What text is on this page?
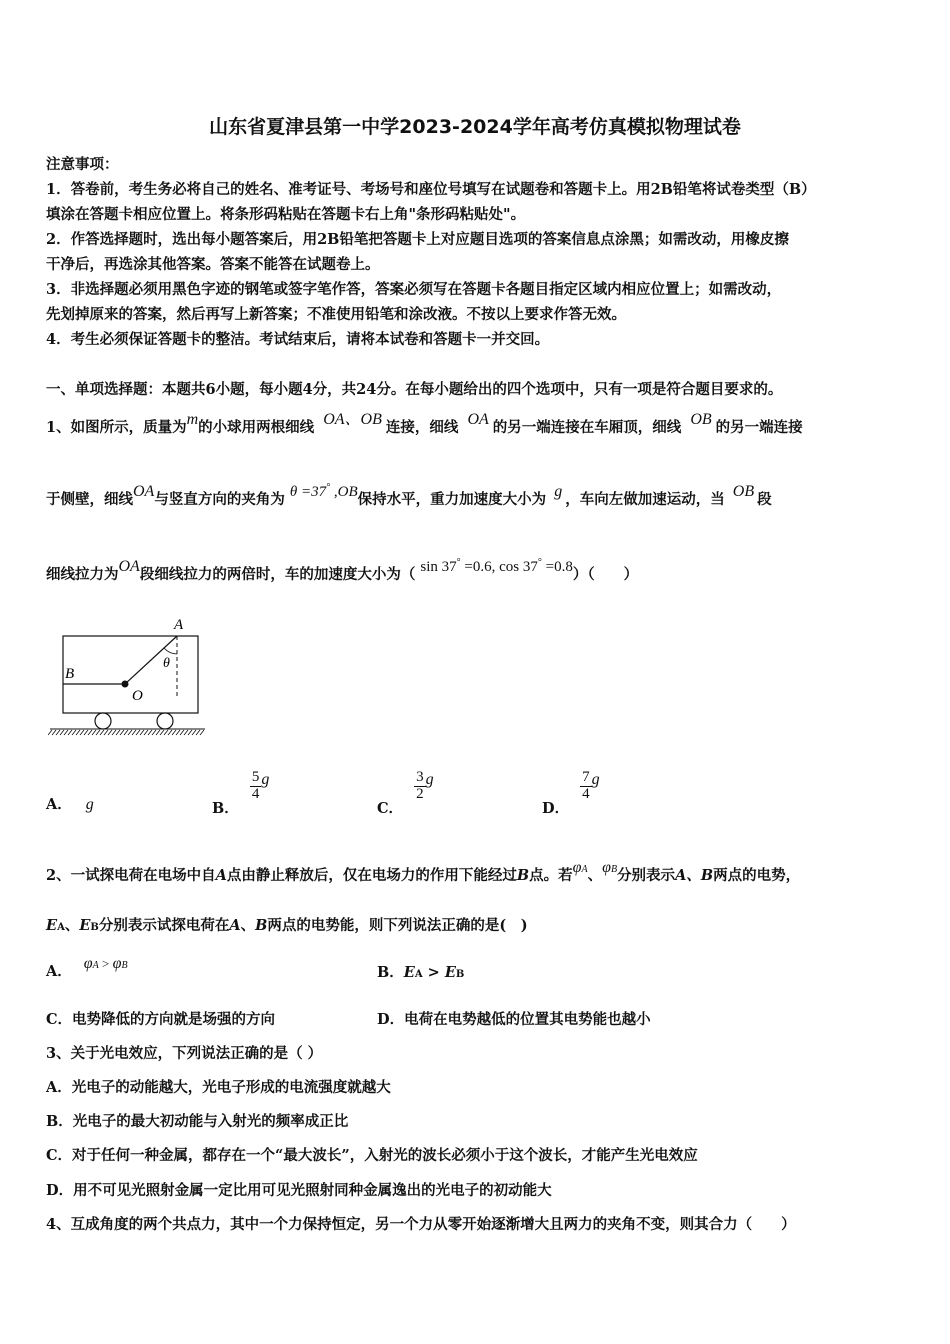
山东省夏津县第一中学2023-2024学年高考仿真模拟物理试卷
注意事项：
1．答卷前，考生务必将自己的姓名、准考证号、考场号和座位号填写在试题卷和答题卡上。用2B铅笔将试卷类型（B）
填涂在答题卡相应位置上。将条形码粘贴在答题卡右上角"条形码粘贴处"。
2．作答选择题时，选出每小题答案后，用2B铅笔把答题卡上对应题目选项的答案信息点涂黑；如需改动，用橡皮擦
干净后，再选涂其他答案。答案不能答在试题卷上。
3．非选择题必须用黑色字迹的钢笔或签字笔作答，答案必须写在答题卡各题目指定区域内相应位置上；如需改动，
先划掉原来的答案，然后再写上新答案；不准使用铅笔和涂改液。不按以上要求作答无效。
4．考生必须保证答题卡的整洁。考试结束后，请将本试卷和答题卡一并交回。
一、单项选择题：本题共6小题，每小题4分，共24分。在每小题给出的四个选项中，只有一项是符合题目要求的。
1、如图所示，质量为m的小球用两根细线 OA、OB 连接，细线 OA 的另一端连接在车厢顶，细线 OB 的另一端连接
于侧壁，细线OA与竖直方向的夹角为 θ =37° ,OB保持水平，重力加速度大小为 g ，车向左做加速运动，当 OB 段
细线拉力为OA段细线拉力的两倍时，车的加速度大小为（ sin 37° =0.6, cos 37° =0.8）（　　）
A
B
O
θ
A． g	B．
$\frac{5}{4}$ g
C．
$\frac{3}{2}$ g
D．
$\frac{7}{4}$ g
2、一试探电荷在电场中自A点由静止释放后，仅在电场力的作用下能经过B点。若φA、φB分别表示A、B两点的电势，
EA、EB分别表示试探电荷在A、B两点的电势能，则下列说法正确的是(　)
A． φA > φB	B．EA > EB
C．电势降低的方向就是场强的方向	D．电荷在电势越低的位置其电势能也越小
3、关于光电效应，下列说法正确的是（ ）
A．光电子的动能越大，光电子形成的电流强度就越大
B．光电子的最大初动能与入射光的频率成正比
C．对于任何一种金属，都存在一个“最大波长”，入射光的波长必须小于这个波长，才能产生光电效应
D．用不可见光照射金属一定比用可见光照射同种金属逸出的光电子的初动能大
4、互成角度的两个共点力，其中一个力保持恒定，另一个力从零开始逐渐增大且两力的夹角不变，则其合力（　　）
